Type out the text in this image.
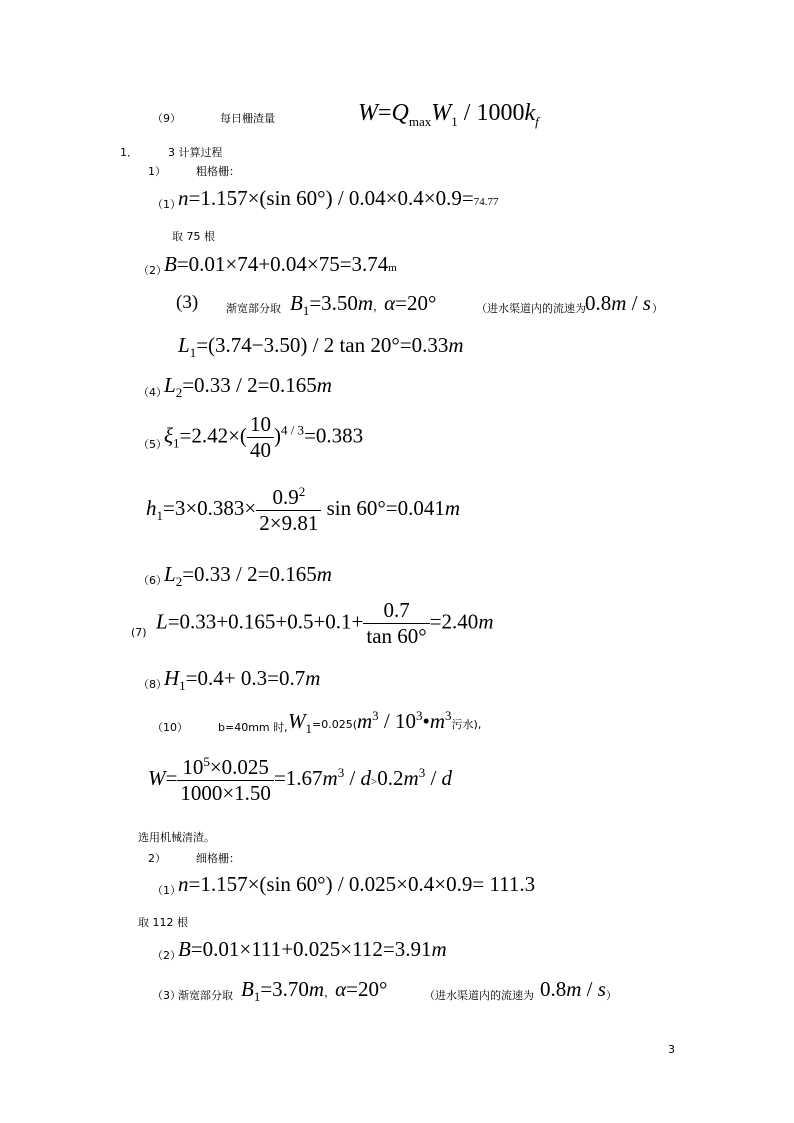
（9）	每日栅渣量	$W=Q_{max}W_1 / 1000k_f$
1．	3 计算过程
1）	粗格栅：
（1）
n=1.157×(sin 60°) / 0.04×0.4×0.9=74.77
取 75 根
（2）
B=0.01×74+0.04×75=3.74m
(3)	渐宽部分取 $B_1=3.50m$，α=20°	（进水渠道内的流速为 0.8m / s ）
$L_1=(3.74-3.50) / 2$ tan 20°=0.33m
（4）
$L_2=0.33 / 2=0.165m$
（5）
$\xi_1=2.42\times( \frac{10}{40} )^{4 / 3}=0.383$
$h_1=3\times 0.383\times \frac{0.9^2}{2\times 9.81}$ sin 60°=0.041m
（6）
$L_2=0.33 / 2=0.165m$
(7) $L=0.33+0.165+0.5+0.1+ \frac{0.7}{\tan 60^\circ} =2.40m$
（8）
$H_1=0.4+ 0.3=0.7m$
（10）	b=40mm 时, $W_1=0.025(m^3$ / $10^3•m^3$污水),
$W= \frac{10^5\times 0.025}{1000\times 1.50} =1.67m^3 / d>0.2m^3 / d$
选用机械清渣。
2）	细格栅：
（1）
n=1.157×(sin 60°) / 0.025×0.4×0.9= 111.3
取 112 根
（2）
B=0.01×111+0.025×112=3.91m
（3）
渐宽部分取 $B_1=3.70m$，α=20°	（进水渠道内的流速为 0.8m / s ）
3
